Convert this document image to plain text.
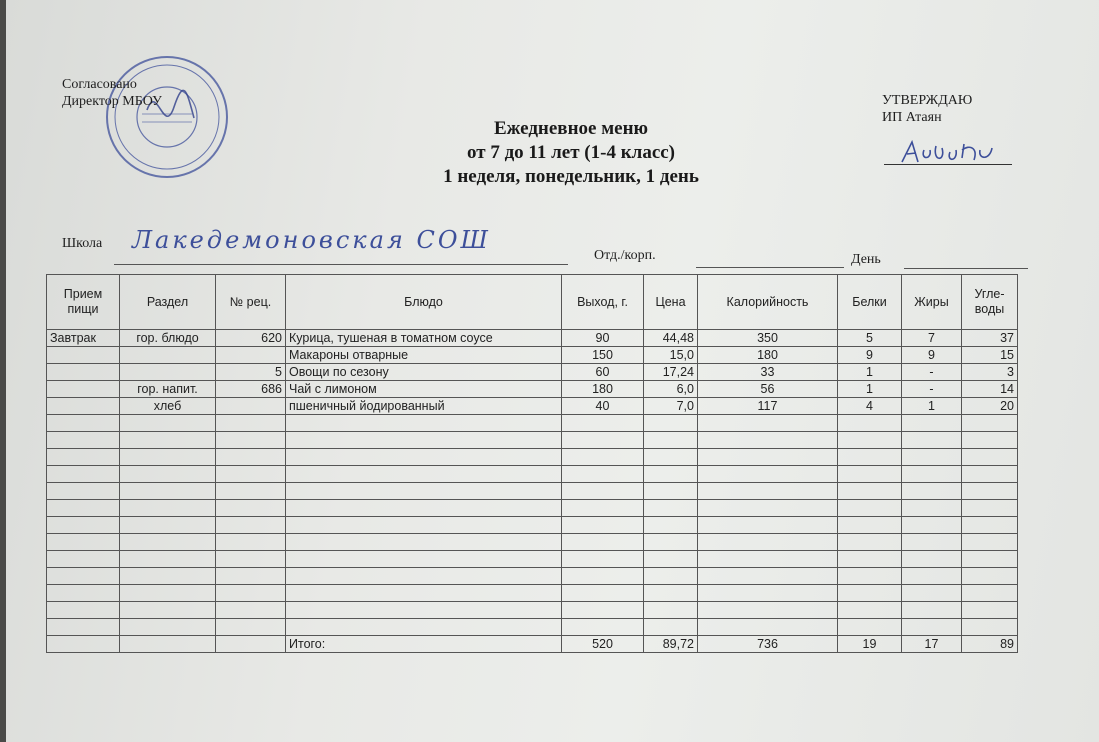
Согласовано
Директор МБОУ	УТВЕРЖДАЮ
ИП Атаян
Ежедневное меню
от 7 до 11 лет (1-4 класс)
1 неделя, понедельник, 1 день
Школа Лакедемоновская СОШ
Отд./корп.	День
Прием пищи	Раздел	№ рец.	Блюдо	Выход, г.	Цена	Калорийность	Белки	Жиры	Угле-воды
Завтрак	гор. блюдо	620	Курица, тушеная в томатном соусе	90	44,48	350	5	7	37
			Макароны отварные	150	15,0	180	9	9	15
		5	Овощи по сезону	60	17,24	33	1	-	3
	гор. напит.	686	Чай с лимоном	180	6,0	56	1	-	14
	хлеб		пшеничный йодированный	40	7,0	117	4	1	20

			Итого:	520	89,72	736	19	17	89
